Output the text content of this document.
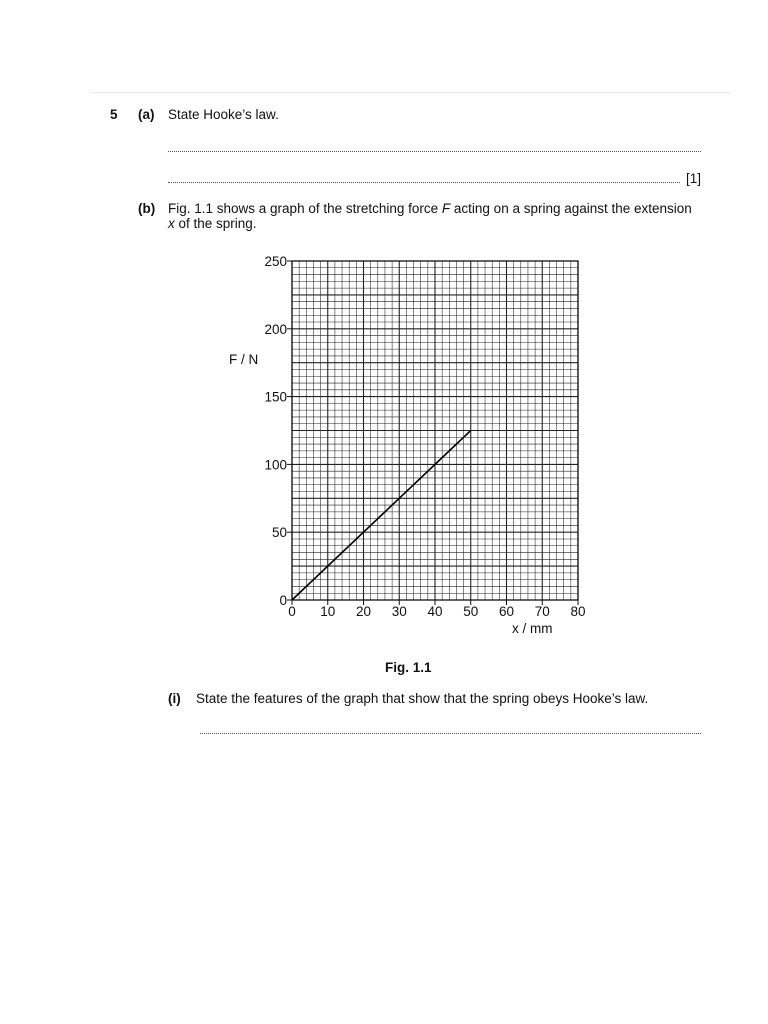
5 (a) State Hooke’s law.
[1]
(b) Fig. 1.1 shows a graph of the stretching force F acting on a spring against the extension
x of the spring.
0 10 20 30 40 50 60 70 80
0
50
100
150
200
250
F / N
x / mm
Fig. 1.1
(i) State the features of the graph that show that the spring obeys Hooke’s law.
